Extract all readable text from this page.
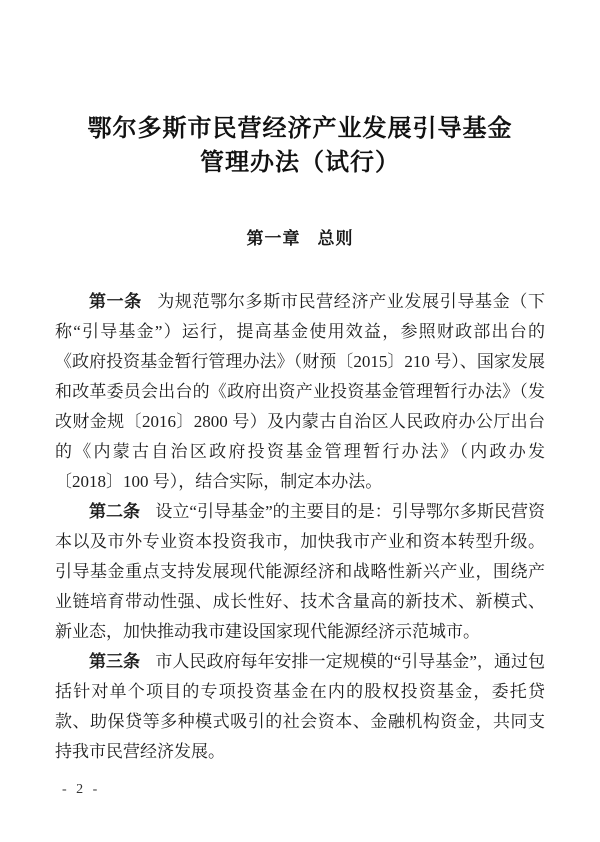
鄂尔多斯市民营经济产业发展引导基金
管理办法（试行）
第一章 总则

第一条 为规范鄂尔多斯市民营经济产业发展引导基金（下称“引导基金”）运行，提高基金使用效益，参照财政部出台的《政府投资基金暂行管理办法》（财预〔2015〕210 号）、国家发展和改革委员会出台的《政府出资产业投资基金管理暂行办法》（发改财金规〔2016〕2800 号）及内蒙古自治区人民政府办公厅出台的《内蒙古自治区政府投资基金管理暂行办法》（内政办发〔2018〕100 号），结合实际，制定本办法。

第二条 设立“引导基金”的主要目的是：引导鄂尔多斯民营资本以及市外专业资本投资我市，加快我市产业和资本转型升级。引导基金重点支持发展现代能源经济和战略性新兴产业，围绕产业链培育带动性强、成长性好、技术含量高的新技术、新模式、新业态，加快推动我市建设国家现代能源经济示范城市。

第三条 市人民政府每年安排一定规模的“引导基金”，通过包括针对单个项目的专项投资基金在内的股权投资基金，委托贷款、助保贷等多种模式吸引的社会资本、金融机构资金，共同支持我市民营经济发展。

- 2 -
